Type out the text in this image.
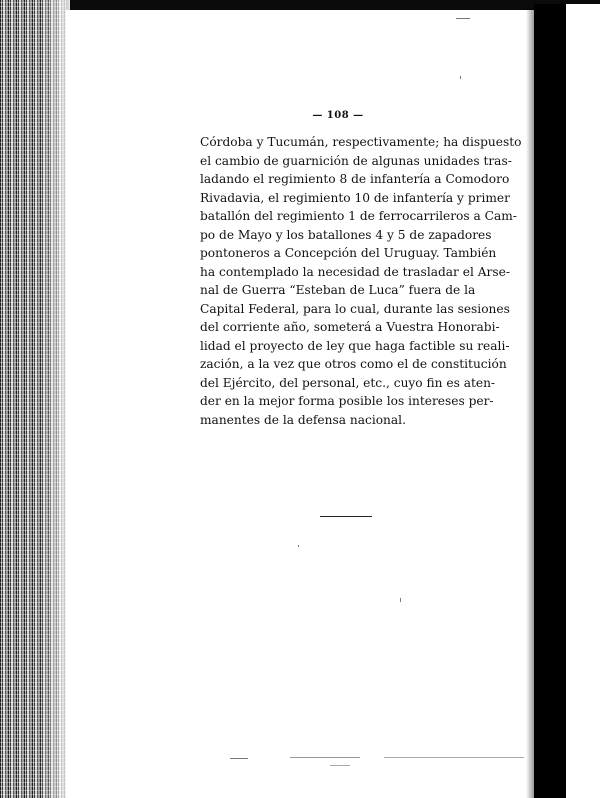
— 108 —
Córdoba y Tucumán, respectivamente; ha dispuesto
el cambio de guarnición de algunas unidades tras-
ladando el regimiento 8 de infantería a Comodoro
Rivadavia, el regimiento 10 de infantería y primer
batallón del regimiento 1 de ferrocarrileros a Cam-
po de Mayo y los batallones 4 y 5 de zapadores
pontoneros a Concepción del Uruguay. También
ha contemplado la necesidad de trasladar el Arse-
nal de Guerra “Esteban de Luca” fuera de la
Capital Federal, para lo cual, durante las sesiones
del corriente año, someterá a Vuestra Honorabi-
lidad el proyecto de ley que haga factible su reali-
zación, a la vez que otros como el de constitución
del Ejército, del personal, etc., cuyo fin es aten-
der en la mejor forma posible los intereses per-
manentes de la defensa nacional.
